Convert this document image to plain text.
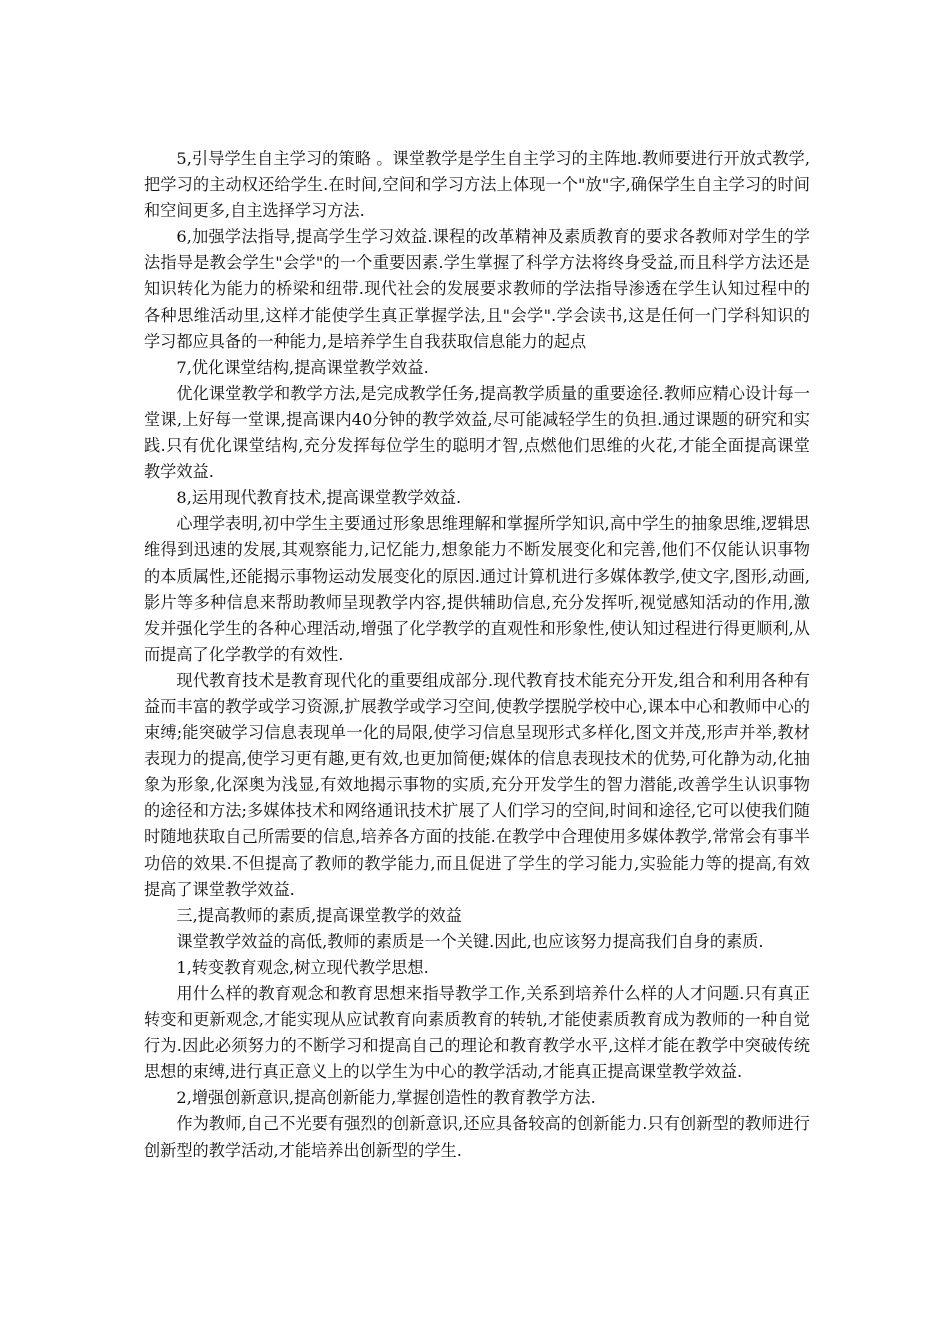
5,引导学生自主学习的策略 。课堂教学是学生自主学习的主阵地.教师要进行开放式教学,把学习的主动权还给学生.在时间,空间和学习方法上体现一个"放"字,确保学生自主学习的时间和空间更多,自主选择学习方法.

6,加强学法指导,提高学生学习效益.课程的改革精神及素质教育的要求各教师对学生的学法指导是教会学生"会学"的一个重要因素.学生掌握了科学方法将终身受益,而且科学方法还是知识转化为能力的桥梁和纽带.现代社会的发展要求教师的学法指导渗透在学生认知过程中的各种思维活动里,这样才能使学生真正掌握学法,且"会学".学会读书,这是任何一门学科知识的学习都应具备的一种能力,是培养学生自我获取信息能力的起点

7,优化课堂结构,提高课堂教学效益.

优化课堂教学和教学方法,是完成教学任务,提高教学质量的重要途径.教师应精心设计每一堂课,上好每一堂课,提高课内40分钟的教学效益,尽可能减轻学生的负担.通过课题的研究和实践.只有优化课堂结构,充分发挥每位学生的聪明才智,点燃他们思维的火花,才能全面提高课堂教学效益.

8,运用现代教育技术,提高课堂教学效益.

心理学表明,初中学生主要通过形象思维理解和掌握所学知识,高中学生的抽象思维,逻辑思维得到迅速的发展,其观察能力,记忆能力,想象能力不断发展变化和完善,他们不仅能认识事物的本质属性,还能揭示事物运动发展变化的原因.通过计算机进行多媒体教学,使文字,图形,动画,影片等多种信息来帮助教师呈现教学内容,提供辅助信息,充分发挥听,视觉感知活动的作用,激发并强化学生的各种心理活动,增强了化学教学的直观性和形象性,使认知过程进行得更顺利,从而提高了化学教学的有效性.

现代教育技术是教育现代化的重要组成部分.现代教育技术能充分开发,组合和利用各种有益而丰富的教学或学习资源,扩展教学或学习空间,使教学摆脱学校中心,课本中心和教师中心的束缚;能突破学习信息表现单一化的局限,使学习信息呈现形式多样化,图文并茂,形声并举,教材表现力的提高,使学习更有趣,更有效,也更加简便;媒体的信息表现技术的优势,可化静为动,化抽象为形象,化深奥为浅显,有效地揭示事物的实质,充分开发学生的智力潜能,改善学生认识事物的途径和方法;多媒体技术和网络通讯技术扩展了人们学习的空间,时间和途径,它可以使我们随时随地获取自己所需要的信息,培养各方面的技能.在教学中合理使用多媒体教学,常常会有事半功倍的效果.不但提高了教师的教学能力,而且促进了学生的学习能力,实验能力等的提高,有效提高了课堂教学效益.

三,提高教师的素质,提高课堂教学的效益

课堂教学效益的高低,教师的素质是一个关键.因此,也应该努力提高我们自身的素质.

1,转变教育观念,树立现代教学思想.

用什么样的教育观念和教育思想来指导教学工作,关系到培养什么样的人才问题.只有真正转变和更新观念,才能实现从应试教育向素质教育的转轨,才能使素质教育成为教师的一种自觉行为.因此必须努力的不断学习和提高自己的理论和教育教学水平,这样才能在教学中突破传统思想的束缚,进行真正意义上的以学生为中心的教学活动,才能真正提高课堂教学效益.

2,增强创新意识,提高创新能力,掌握创造性的教育教学方法.

作为教师,自己不光要有强烈的创新意识,还应具备较高的创新能力.只有创新型的教师进行创新型的教学活动,才能培养出创新型的学生.
